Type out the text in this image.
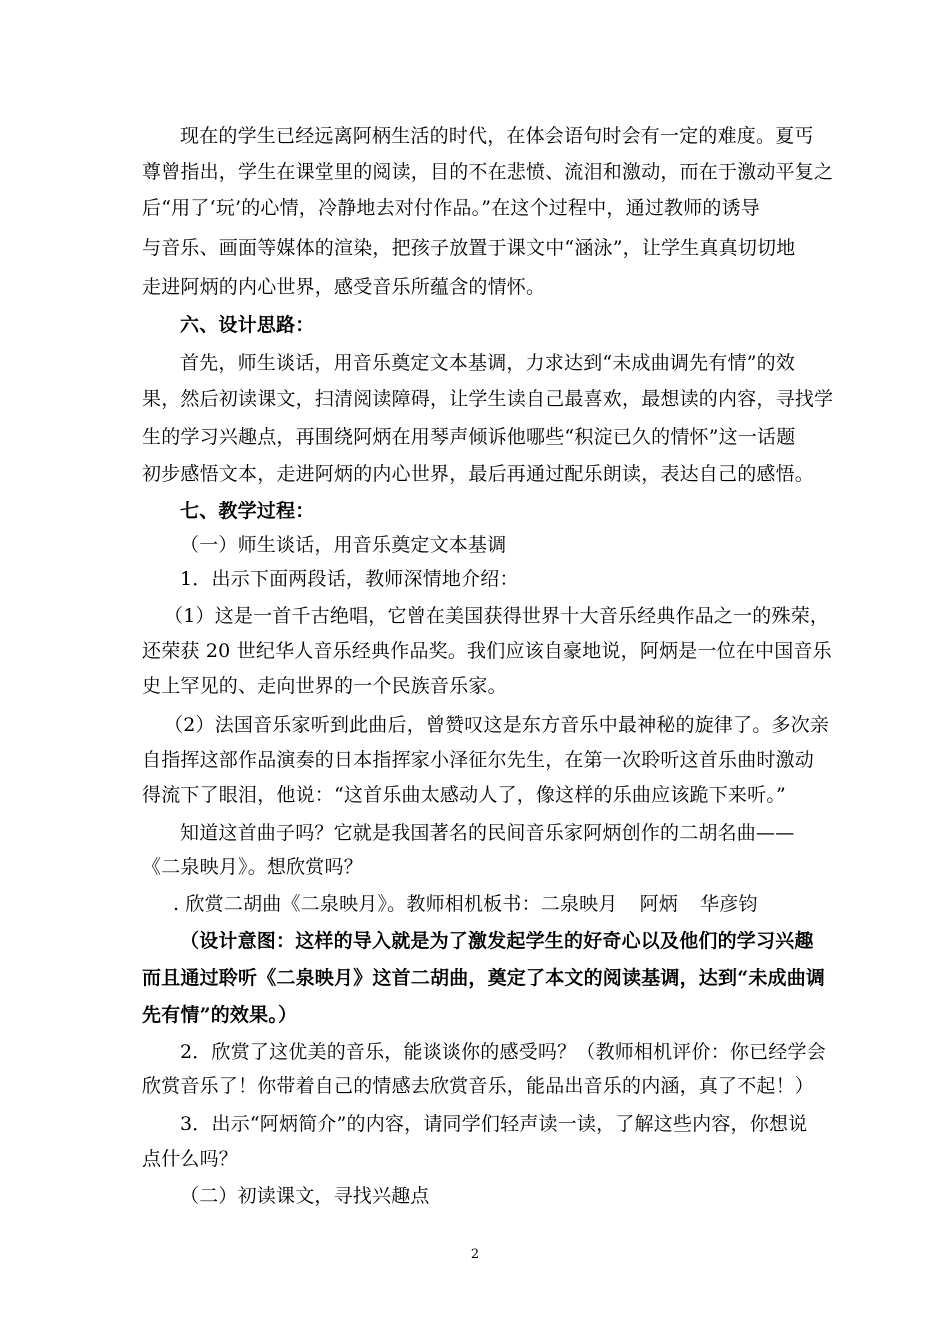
现在的学生已经远离阿柄生活的时代，在体会语句时会有一定的难度。夏丐
尊曾指出，学生在课堂里的阅读，目的不在悲愤、流泪和激动，而在于激动平复之
后“用了‘玩’的心情，冷静地去对付作品。”在这个过程中，通过教师的诱导
与音乐、画面等媒体的渲染，把孩子放置于课文中“涵泳”，让学生真真切切地
走进阿炳的内心世界，感受音乐所蕴含的情怀。
六、设计思路：
首先，师生谈话，用音乐奠定文本基调，力求达到“未成曲调先有情”的效
果，然后初读课文，扫清阅读障碍，让学生读自己最喜欢，最想读的内容，寻找学
生的学习兴趣点，再围绕阿炳在用琴声倾诉他哪些“积淀已久的情怀”这一话题
初步感悟文本，走进阿炳的内心世界，最后再通过配乐朗读，表达自己的感悟。
七、教学过程：
（一）师生谈话，用音乐奠定文本基调
1．出示下面两段话，教师深情地介绍：
（1）这是一首千古绝唱，它曾在美国获得世界十大音乐经典作品之一的殊荣，
还荣获 20 世纪华人音乐经典作品奖。我们应该自豪地说，阿炳是一位在中国音乐
史上罕见的、走向世界的一个民族音乐家。
（2）法国音乐家听到此曲后，曾赞叹这是东方音乐中最神秘的旋律了。多次亲
自指挥这部作品演奏的日本指挥家小泽征尔先生，在第一次聆听这首乐曲时激动
得流下了眼泪，他说：“这首乐曲太感动人了，像这样的乐曲应该跪下来听。”
知道这首曲子吗？它就是我国著名的民间音乐家阿炳创作的二胡名曲——
《二泉映月》。想欣赏吗？
. 欣赏二胡曲《二泉映月》。教师相机板书：二泉映月 阿炳 华彦钧
（设计意图：这样的导入就是为了激发起学生的好奇心以及他们的学习兴趣
而且通过聆听《二泉映月》这首二胡曲，奠定了本文的阅读基调，达到“未成曲调
先有情”的效果。）
2．欣赏了这优美的音乐，能谈谈你的感受吗？（教师相机评价：你已经学会
欣赏音乐了！你带着自己的情感去欣赏音乐，能品出音乐的内涵，真了不起！）
3．出示“阿炳简介”的内容，请同学们轻声读一读，了解这些内容，你想说
点什么吗？
（二）初读课文，寻找兴趣点
2
